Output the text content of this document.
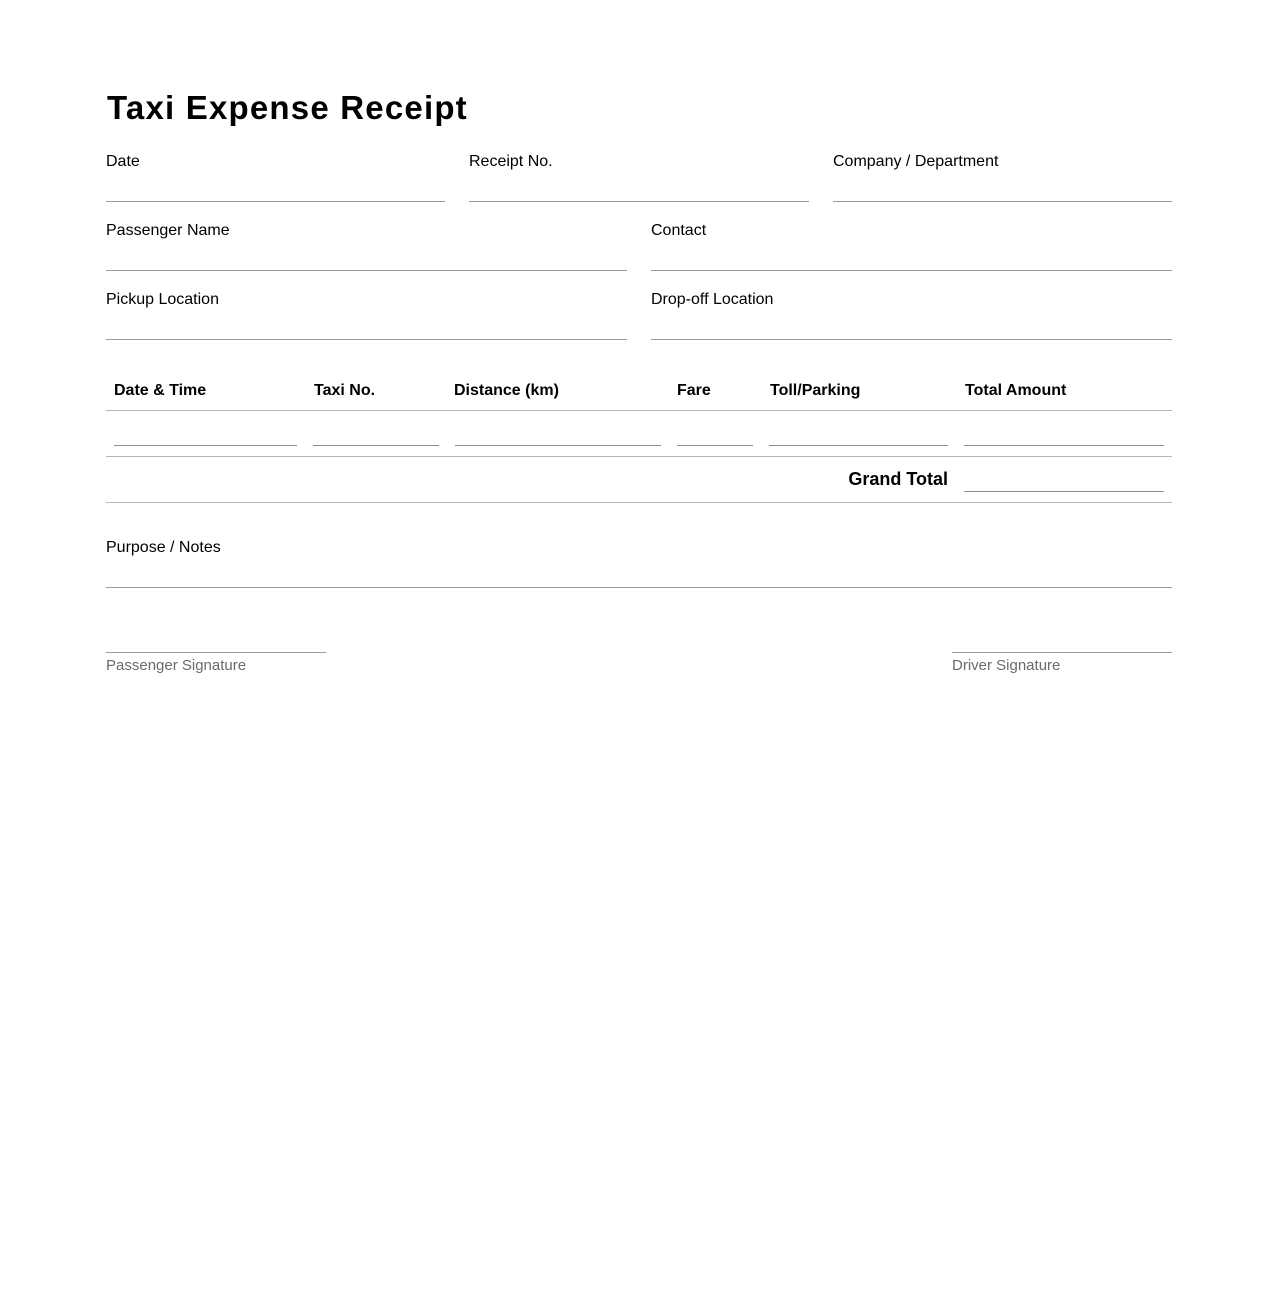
Taxi Expense Receipt
Date	Receipt No.	Company / Department
Passenger Name	Contact
Pickup Location	Drop-off Location
Date & Time	Taxi No.	Distance (km)	Fare	Toll/Parking	Total Amount
Grand Total
Purpose / Notes
Passenger Signature	Driver Signature
